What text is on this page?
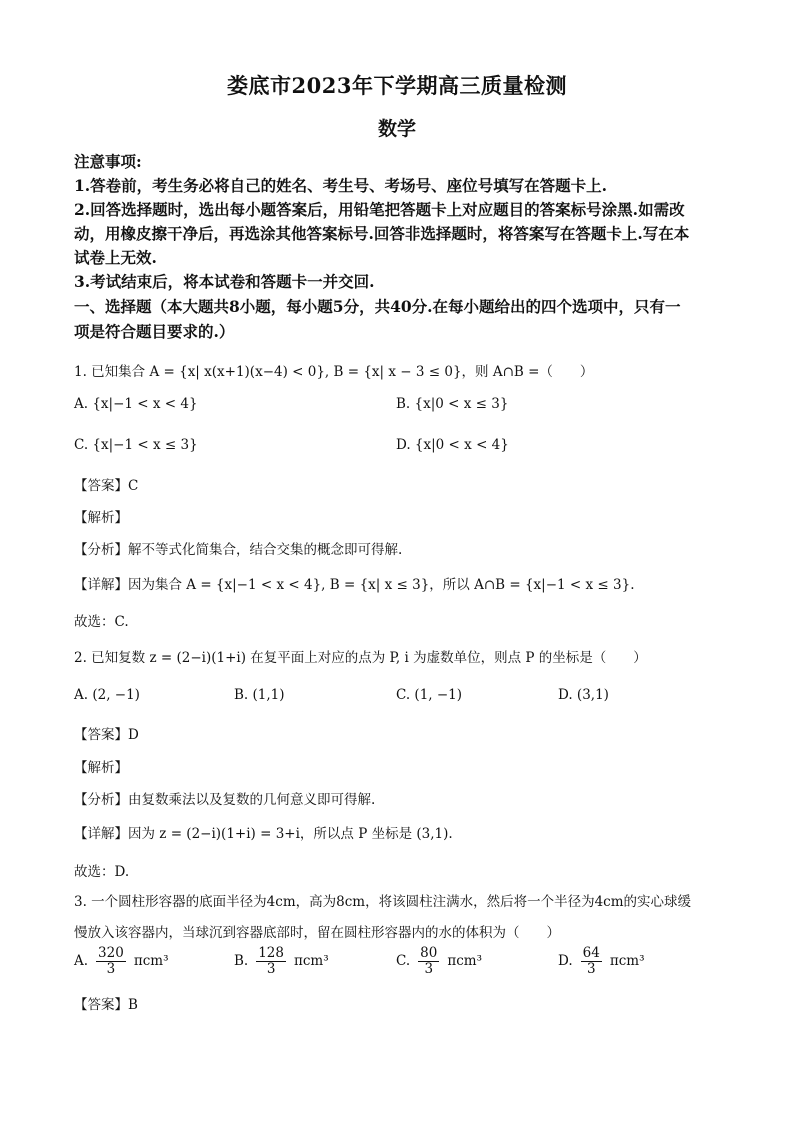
娄底市2023年下学期高三质量检测
数学
注意事项:
1.答卷前，考生务必将自己的姓名、考生号、考场号、座位号填写在答题卡上.
2.回答选择题时，选出每小题答案后，用铅笔把答题卡上对应题目的答案标号涂黑.如需改
动，用橡皮擦干净后，再选涂其他答案标号.回答非选择题时，将答案写在答题卡上.写在本
试卷上无效.
3.考试结束后，将本试卷和答题卡一并交回.
一、选择题（本大题共8小题，每小题5分，共40分.在每小题给出的四个选项中，只有一
项是符合题目要求的.）
1. 已知集合 A = {x| x(x+1)(x−4) < 0}, B = {x| x − 3 ≤ 0}，则 A∩B =（　　）
A. {x|−1 < x < 4}	B. {x|0 < x ≤ 3}
C. {x|−1 < x ≤ 3}	D. {x|0 < x < 4}
【答案】C
【解析】
【分析】解不等式化简集合，结合交集的概念即可得解.
【详解】因为集合 A = {x|−1 < x < 4}, B = {x| x ≤ 3}，所以 A∩B = {x|−1 < x ≤ 3}.
故选：C.
2. 已知复数 z = (2−i)(1+i) 在复平面上对应的点为 P, i 为虚数单位，则点 P 的坐标是（　　）
A. (2, −1)	B. (1,1)	C. (1, −1)	D. (3,1)
【答案】D
【解析】
【分析】由复数乘法以及复数的几何意义即可得解.
【详解】因为 z = (2−i)(1+i) = 3+i，所以点 P 坐标是 (3,1).
故选：D.
3. 一个圆柱形容器的底面半径为4cm，高为8cm，将该圆柱注满水，然后将一个半径为4cm的实心球缓
慢放入该容器内，当球沉到容器底部时，留在圆柱形容器内的水的体积为（　　）
A. $\frac{320}{3} \pi cm^3$	B. $\frac{128}{3} \pi cm^3$	C. $\frac{80}{3} \pi cm^3$	D. $\frac{64}{3} \pi cm^3$
【答案】B
